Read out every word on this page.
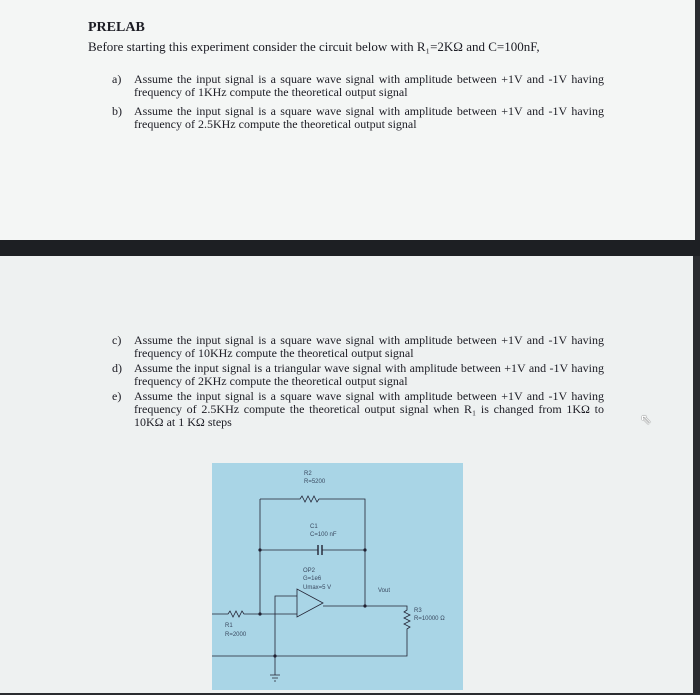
PRELAB
Before starting this experiment consider the circuit below with R₁=2KΩ and C=100nF,
a) Assume the input signal is a square wave signal with amplitude between +1V and -1V having frequency of 1KHz compute the theoretical output signal

b) Assume the input signal is a square wave signal with amplitude between +1V and -1V having frequency of 2.5KHz compute the theoretical output signal

c) Assume the input signal is a square wave signal with amplitude between +1V and -1V having frequency of 10KHz compute the theoretical output signal

d) Assume the input signal is a triangular wave signal with amplitude between +1V and -1V having frequency of 2KHz compute the theoretical output signal

e) Assume the input signal is a square wave signal with amplitude between +1V and -1V having frequency of 2.5KHz compute the theoretical output signal when R₁ is changed from 1KΩ to 10KΩ at 1 KΩ steps

R2
R=5200
C1
C=100 nF
OP2
G=1e6
Umax=5 V	Vout
R3
R=10000 Ω
R1
R=2000
⇖
